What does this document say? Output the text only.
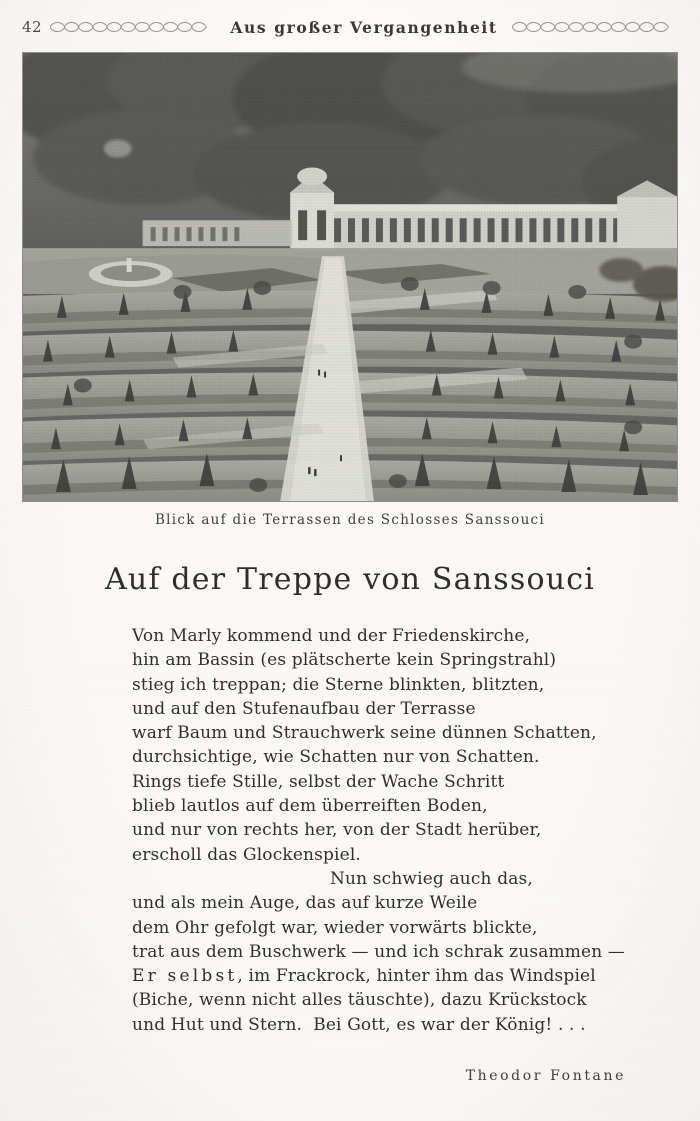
42	Aus großer Vergangenheit
Blick auf die Terrassen des Schlosses Sanssouci
Auf der Treppe von Sanssouci
Von Marly kommend und der Friedenskirche,
hin am Bassin (es plätscherte kein Springstrahl)
stieg ich treppan; die Sterne blinkten, blitzten,
und auf den Stufenaufbau der Terrasse
warf Baum und Strauchwerk seine dünnen Schatten,
durchsichtige, wie Schatten nur von Schatten.
Rings tiefe Stille, selbst der Wache Schritt
blieb lautlos auf dem überreiften Boden,
und nur von rechts her, von der Stadt herüber,
erscholl das Glockenspiel.
Nun schwieg auch das,
und als mein Auge, das auf kurze Weile
dem Ohr gefolgt war, wieder vorwärts blickte,
trat aus dem Buschwerk — und ich schrak zusammen —
Er selbst, im Frackrock, hinter ihm das Windspiel
(Biche, wenn nicht alles täuschte), dazu Krückstock
und Hut und Stern.  Bei Gott, es war der König! . . .
Theodor Fontane
